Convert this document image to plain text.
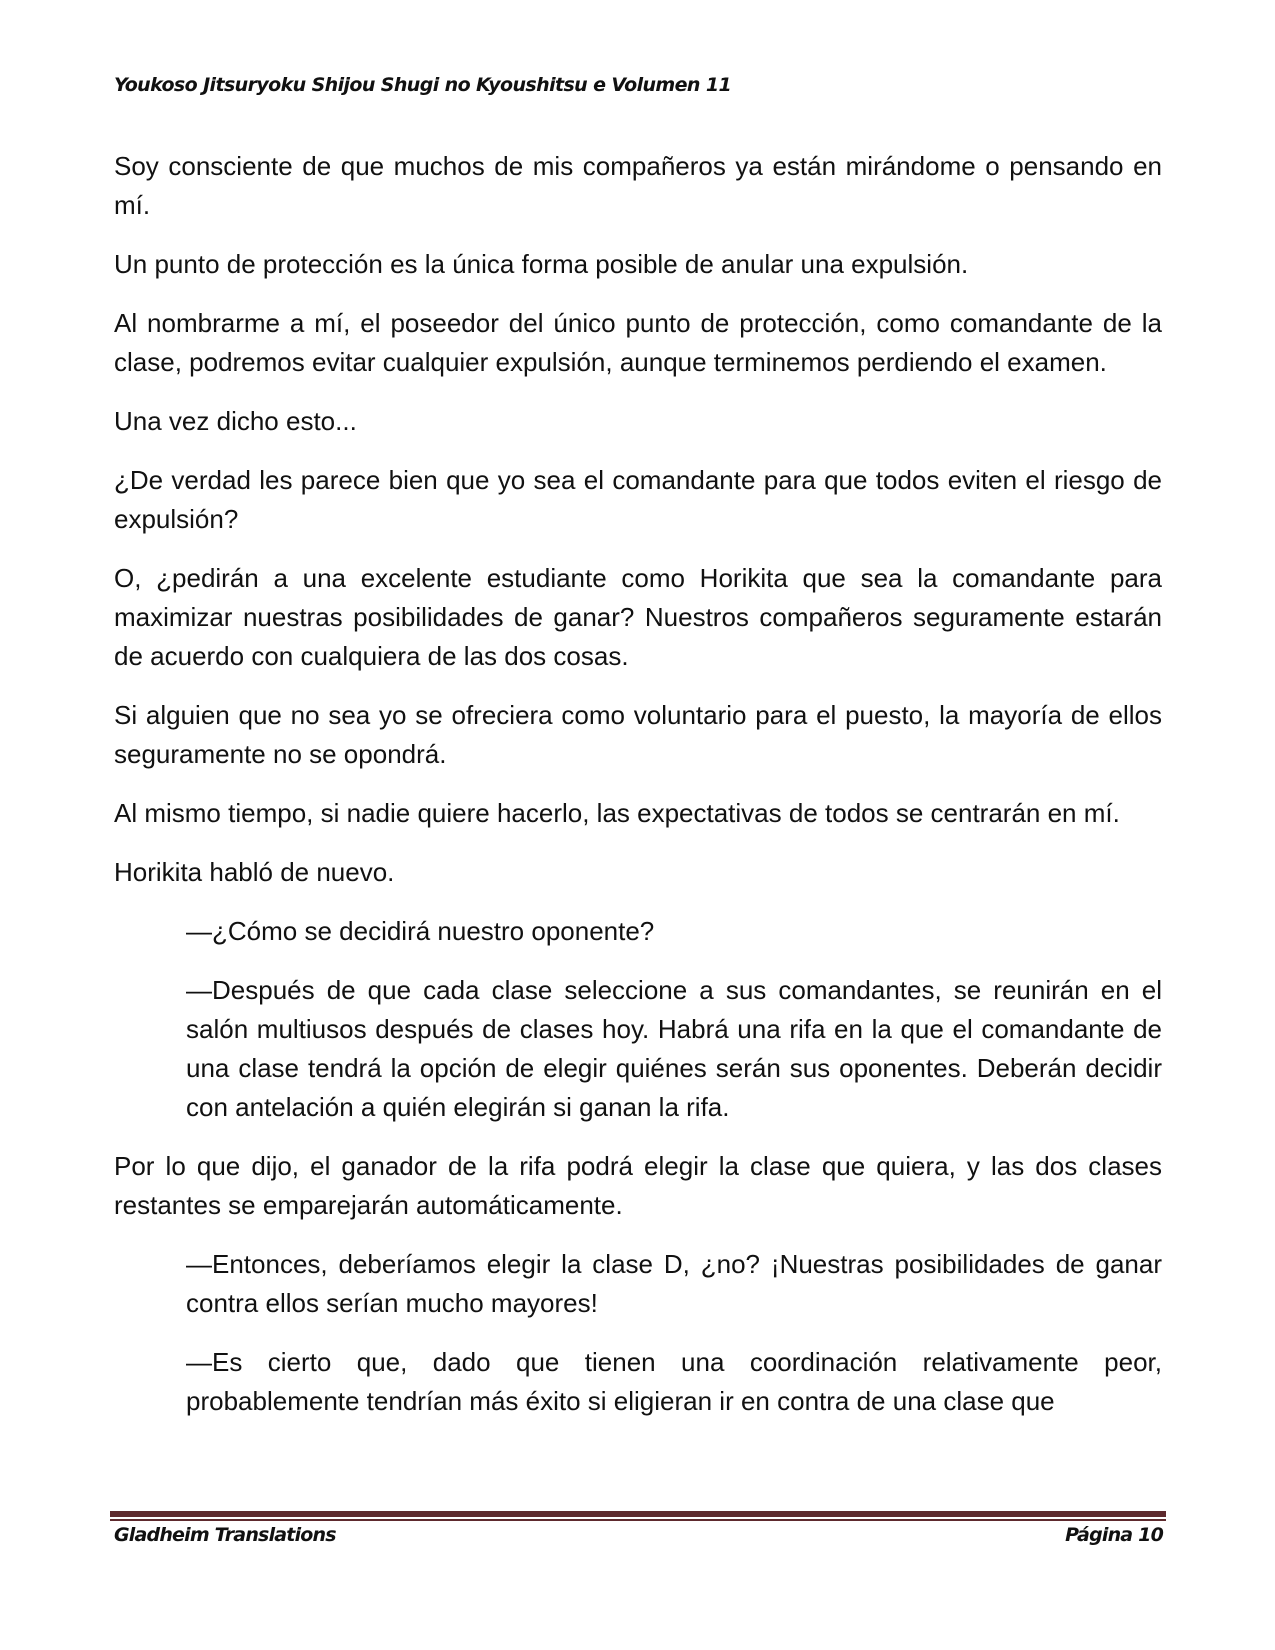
Youkoso Jitsuryoku Shijou Shugi no Kyoushitsu e Volumen 11

Soy consciente de que muchos de mis compañeros ya están mirándome o pensando en mí.

Un punto de protección es la única forma posible de anular una expulsión.

Al nombrarme a mí, el poseedor del único punto de protección, como comandante de la clase, podremos evitar cualquier expulsión, aunque terminemos perdiendo el examen.

Una vez dicho esto...

¿De verdad les parece bien que yo sea el comandante para que todos eviten el riesgo de expulsión?

O, ¿pedirán a una excelente estudiante como Horikita que sea la comandante para maximizar nuestras posibilidades de ganar? Nuestros compañeros seguramente estarán de acuerdo con cualquiera de las dos cosas.

Si alguien que no sea yo se ofreciera como voluntario para el puesto, la mayoría de ellos seguramente no se opondrá.

Al mismo tiempo, si nadie quiere hacerlo, las expectativas de todos se centrarán en mí.

Horikita habló de nuevo.

—¿Cómo se decidirá nuestro oponente?

—Después de que cada clase seleccione a sus comandantes, se reunirán en el salón multiusos después de clases hoy. Habrá una rifa en la que el comandante de una clase tendrá la opción de elegir quiénes serán sus oponentes. Deberán decidir con antelación a quién elegirán si ganan la rifa.

Por lo que dijo, el ganador de la rifa podrá elegir la clase que quiera, y las dos clases restantes se emparejarán automáticamente.

—Entonces, deberíamos elegir la clase D, ¿no? ¡Nuestras posibilidades de ganar contra ellos serían mucho mayores!

—Es cierto que, dado que tienen una coordinación relativamente peor, probablemente tendrían más éxito si eligieran ir en contra de una clase que

Gladheim Translations	Página 10
